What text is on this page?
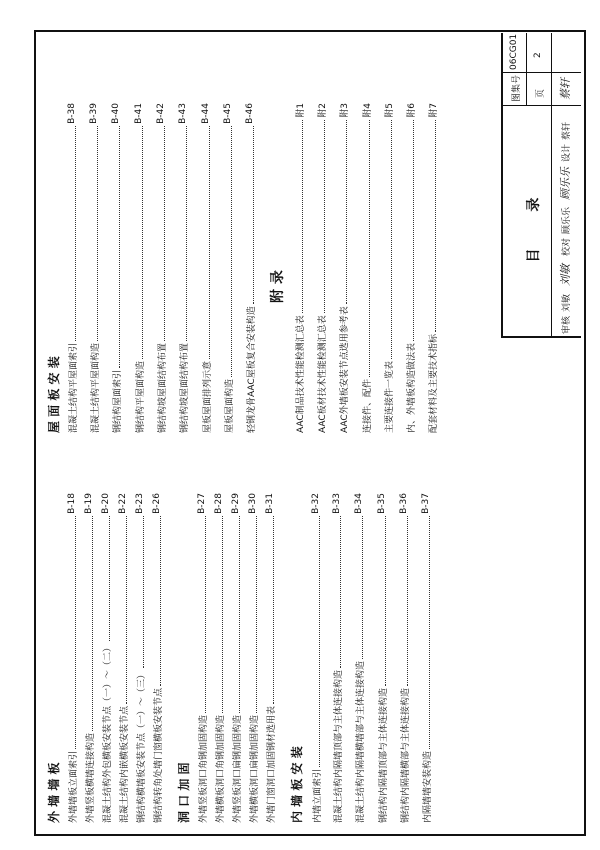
外 墙 墙 板 外墙墙板立面索引
B-18
外墙竖板横墙连接构造
B-19
混凝土结构外包横板安装节点（一）～（二）
B-20
混凝土结构内嵌横板安装节点
B-22
钢结构横墙板安装节点（一）～（三）
B-23
钢结构转角处墙门窗横板安装节点
B-26
洞 口 加 固 外墙竖板洞口角钢加固构造
B-27
外墙横板洞口角钢加固构造
B-28
外墙竖板洞口扁钢加固构造
B-29
外墙横板洞口扁钢加固构造
B-30
外墙门窗洞口加固钢材选用表
B-31
内 墙 板 安 装 内墙立面索引
B-32
混凝土结构内隔墙顶部与主体连接构造
B-33
混凝土结构内隔墙横墙部与主体连接构造
B-34
钢结构内隔墙顶部与主体连接构造
B-35
钢结构内隔墙横部与主体连接构造
B-36
内隔墙墙安装构造
B-37
屋 面 板 安 装 混凝土结构平屋面索引
B-38
混凝土结构平屋面构造
B-39
钢结构屋面索引
B-40
钢结构平屋面构造
B-41
钢结构坡屋面结构布置
B-42
钢结构坡屋面结构布置
B-43
屋板屋面排列示意
B-44
屋板屋面构造
B-45
轻钢龙骨AAC屋板复合安装构造
B-46
附 录
AAC制品技术性能检测汇总表
附1
AAC板材技术性能检测汇总表
附2
AAC外墙板安装节点选用参考表
附3
连接件、配件
附4
主要连接件一览表
附5
内、外墙板构造做法表
附6
配套材料及主要技术指标
附7
目 录
图集号
06CG01
页
2
审核
刘敏
刘敏
校对
顾乐乐
顾乐乐
设计
蔡轩
蔡轩
